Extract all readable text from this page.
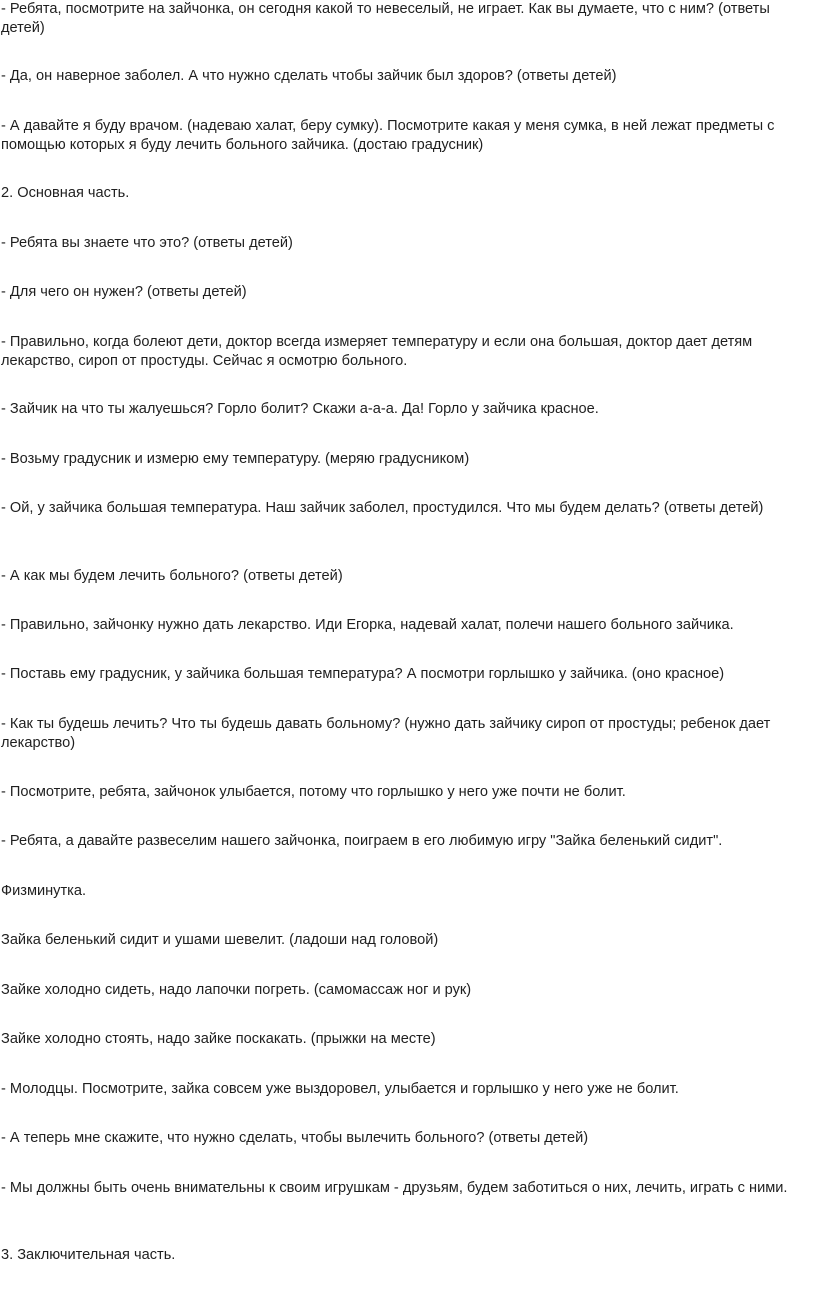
- Ребята, посмотрите на зайчонка, он сегодня какой то невеселый, не играет. Как вы думаете, что с ним? (ответы детей)

- Да, он наверное заболел. А что нужно сделать чтобы зайчик был здоров? (ответы детей)

- А давайте я буду врачом. (надеваю халат, беру сумку). Посмотрите какая у меня сумка, в ней лежат предметы с помощью которых я буду лечить больного зайчика. (достаю градусник)

2. Основная часть.

- Ребята вы знаете что это? (ответы детей)

- Для чего он нужен? (ответы детей)

- Правильно, когда болеют дети, доктор всегда измеряет температуру и если она большая, доктор дает детям лекарство, сироп от простуды. Сейчас я осмотрю больного.

- Зайчик на что ты жалуешься? Горло болит? Скажи а-а-а. Да! Горло у зайчика красное.

- Возьму градусник и измерю ему температуру. (меряю градусником)

- Ой, у зайчика большая температура. Наш зайчик заболел, простудился. Что мы будем делать? (ответы детей)

- А как мы будем лечить больного? (ответы детей)

- Правильно, зайчонку нужно дать лекарство. Иди Егорка, надевай халат, полечи нашего больного зайчика.

- Поставь ему градусник, у зайчика большая температура? А посмотри горлышко у зайчика. (оно красное)

- Как ты будешь лечить? Что ты будешь давать больному? (нужно дать зайчику сироп от простуды; ребенок дает лекарство)

- Посмотрите, ребята, зайчонок улыбается, потому что горлышко у него уже почти не болит.

- Ребята, а давайте развеселим нашего зайчонка, поиграем в его любимую игру "Зайка беленький сидит".

Физминутка.

Зайка беленький сидит и ушами шевелит. (ладоши над головой)

Зайке холодно сидеть, надо лапочки погреть. (самомассаж ног и рук)

Зайке холодно стоять, надо зайке поскакать. (прыжки на месте)

- Молодцы. Посмотрите, зайка совсем уже выздоровел, улыбается и горлышко у него уже не болит.

- А теперь мне скажите, что нужно сделать, чтобы вылечить больного? (ответы детей)

- Мы должны быть очень внимательны к своим игрушкам - друзьям, будем заботиться о них, лечить, играть с ними.

3. Заключительная часть.
